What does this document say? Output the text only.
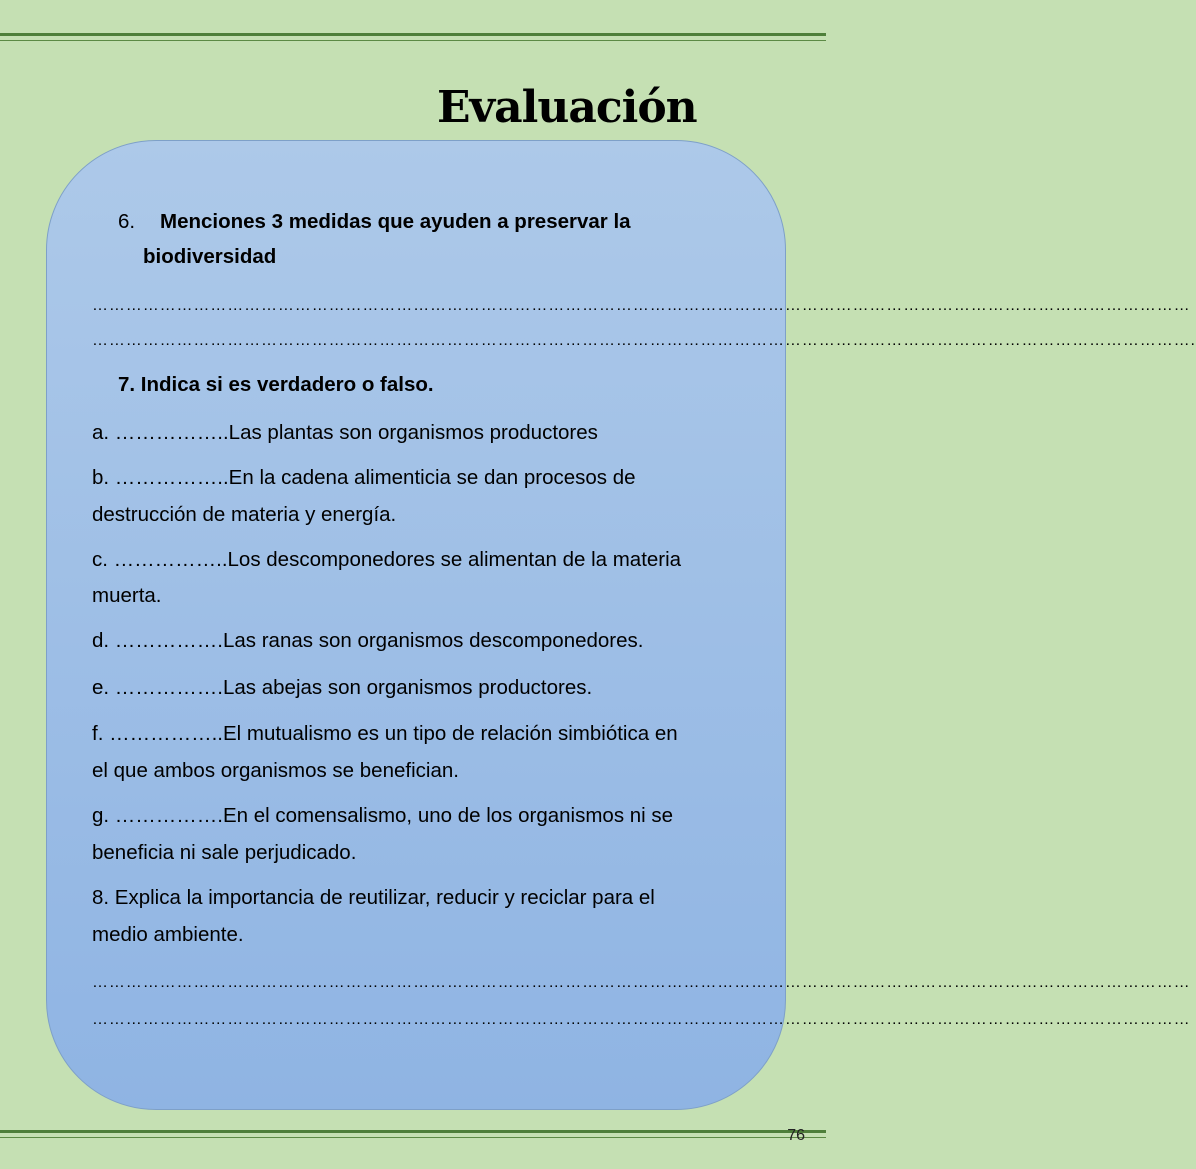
Evaluación
6. Menciones 3 medidas que ayuden a preservar la
biodiversidad
……………………………………………………………………………………………………………………………………………………………………………
…………………………………………………………………………………………………………………………………………………………………………….
7. Indica si es verdadero o falso.
a. ……………..Las plantas son organismos productores
b. ……………..En la cadena alimenticia se dan procesos de
destrucción de materia y energía.
c. ……………..Los descomponedores se alimentan de la materia
muerta.
d. …………….Las ranas son organismos descomponedores.
e. …………….Las abejas son organismos productores.
f. ……………..El mutualismo es un tipo de relación simbiótica en
el que ambos organismos se benefician.
g. …………….En el comensalismo, uno de los organismos ni se
beneficia ni sale perjudicado.
8. Explica la importancia de reutilizar, reducir y reciclar para el
medio ambiente.
……………………………………………………………………………………………………………………………………………………………………………
……………………………………………………………………………………………………………………………………………………………………………
76
